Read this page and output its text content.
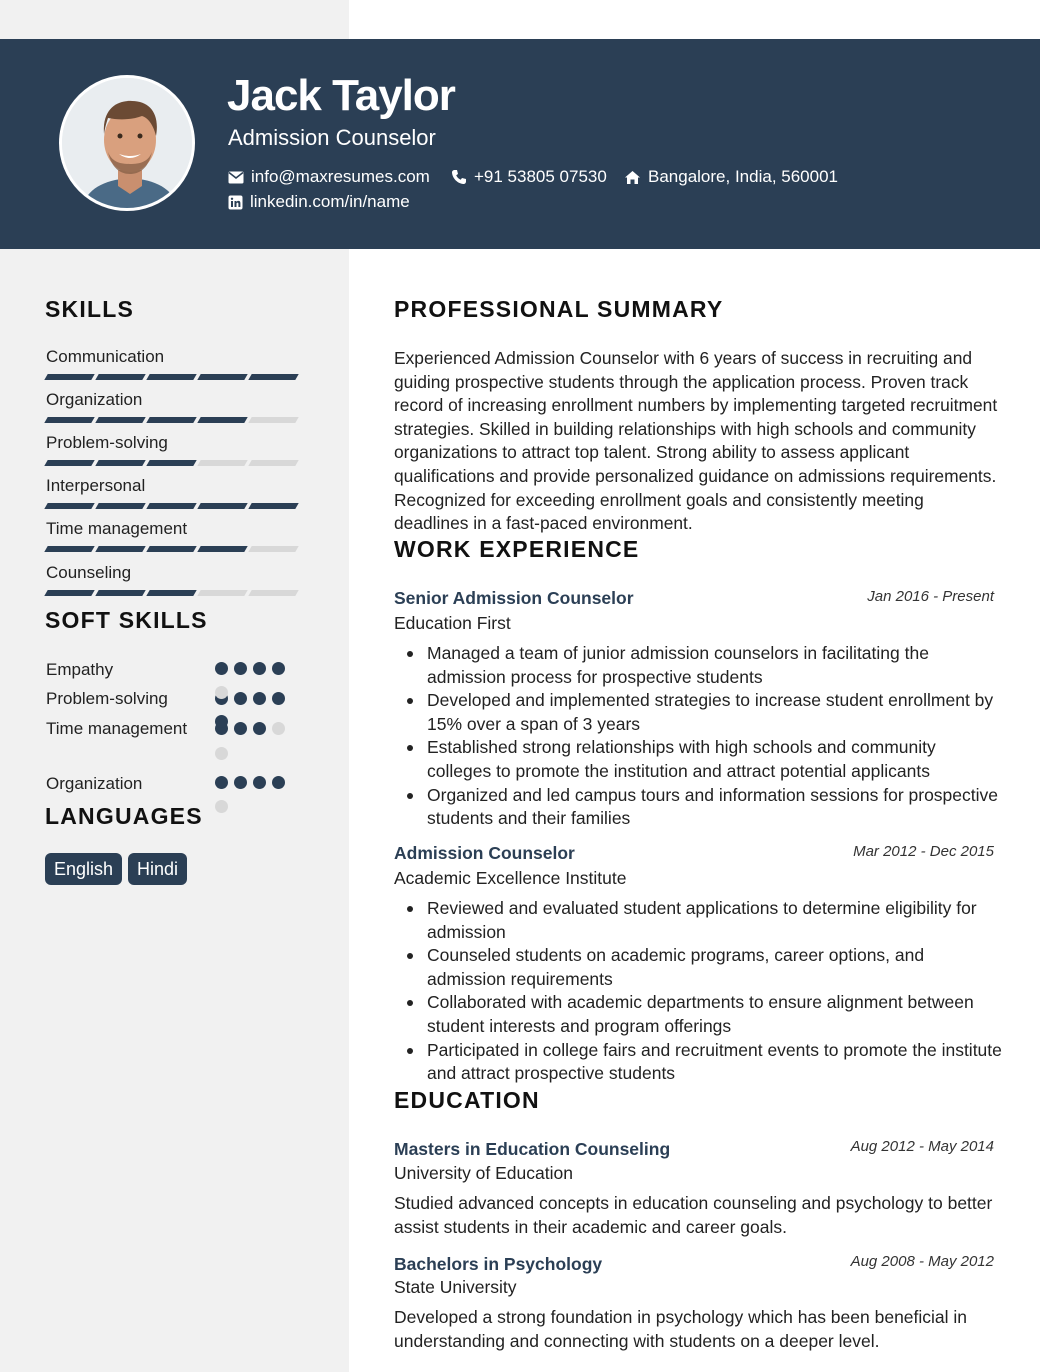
Jack Taylor
Admission Counselor
info@maxresumes.com	+91 53805 07530 Bangalore, India, 560001
linkedin.com/in/name
SKILLS
Communication
Organization
Problem-solving
Interpersonal
Time management
Counseling
SOFT SKILLS
Empathy
Problem-solving
Time management
Organization
LANGUAGES
English	Hindi
PROFESSIONAL SUMMARY
Experienced Admission Counselor with 6 years of success in recruiting and guiding prospective students through the application process. Proven track record of increasing enrollment numbers by implementing targeted recruitment strategies. Skilled in building relationships with high schools and community organizations to attract top talent. Strong ability to assess applicant qualifications and provide personalized guidance on admissions requirements. Recognized for exceeding enrollment goals and consistently meeting deadlines in a fast-paced environment.
WORK EXPERIENCE
Senior Admission Counselor	Jan 2016 - Present
Education First
Managed a team of junior admission counselors in facilitating the admission process for prospective students
Developed and implemented strategies to increase student enrollment by 15% over a span of 3 years
Established strong relationships with high schools and community colleges to promote the institution and attract potential applicants
Organized and led campus tours and information sessions for prospective students and their families
Admission Counselor	Mar 2012 - Dec 2015
Academic Excellence Institute
Reviewed and evaluated student applications to determine eligibility for admission
Counseled students on academic programs, career options, and admission requirements
Collaborated with academic departments to ensure alignment between student interests and program offerings
Participated in college fairs and recruitment events to promote the institute and attract prospective students
EDUCATION
Masters in Education Counseling	Aug 2012 - May 2014
University of Education
Studied advanced concepts in education counseling and psychology to better assist students in their academic and career goals.
Bachelors in Psychology	Aug 2008 - May 2012
State University
Developed a strong foundation in psychology which has been beneficial in understanding and connecting with students on a deeper level.
